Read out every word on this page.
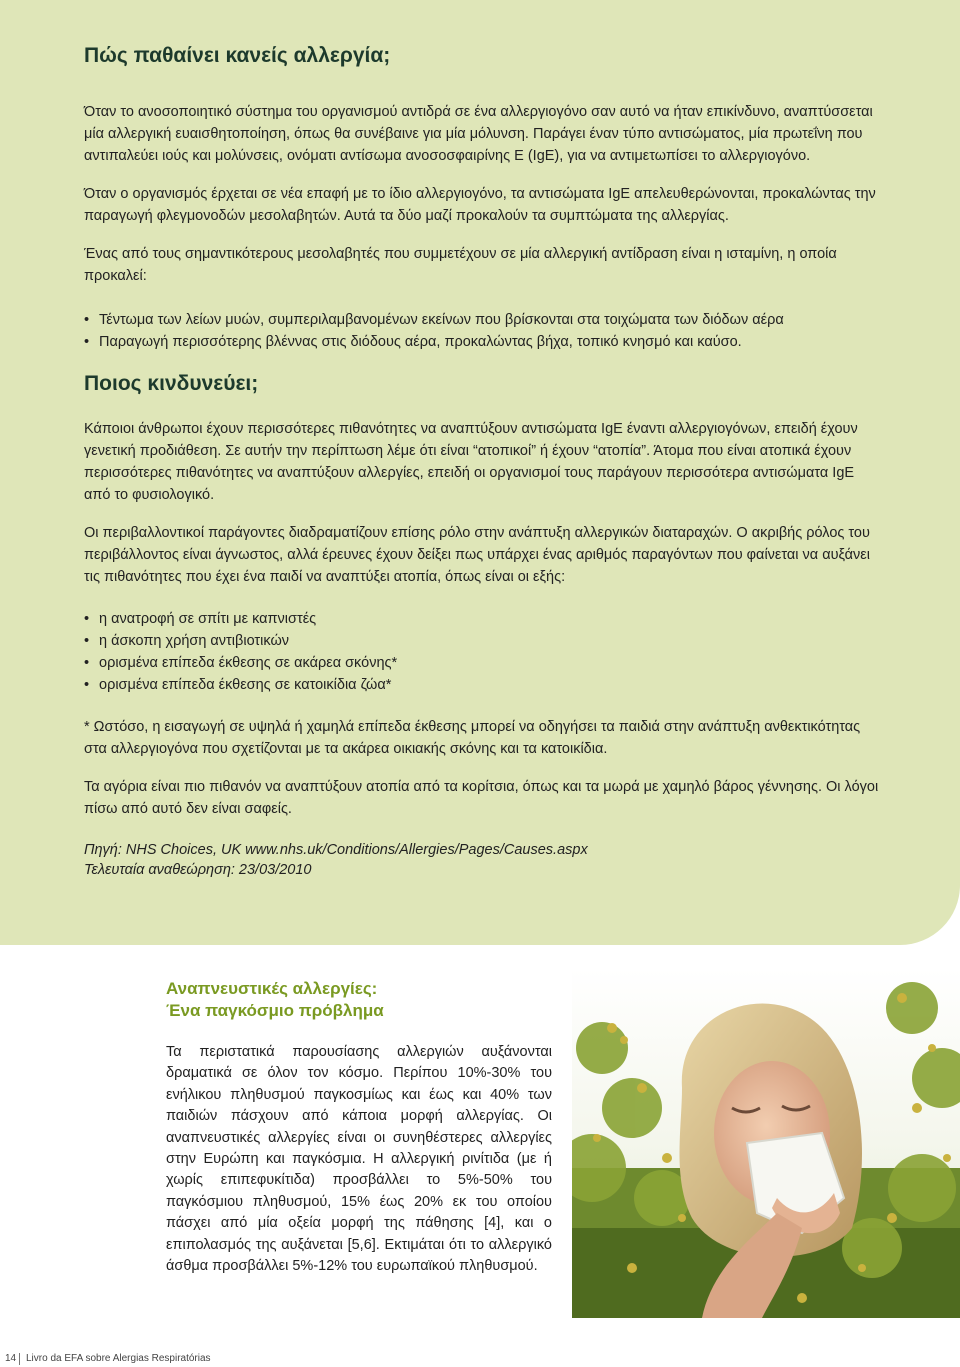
Πώς παθαίνει κανείς αλλεργία;

Όταν το ανοσοποιητικό σύστημα του οργανισμού αντιδρά σε ένα αλλεργιογόνο σαν αυτό να ήταν επικίνδυνο, αναπτύσσεται μία αλλεργική ευαισθητοποίηση, όπως θα συνέβαινε για μία μόλυνση. Παράγει έναν τύπο αντισώματος, μία πρωτεΐνη που αντιπαλεύει ιούς και μολύνσεις, ονόματι αντίσωμα ανοσοσφαιρίνης E (IgE), για να αντιμετωπίσει το αλλεργιογόνο.

Όταν ο οργανισμός έρχεται σε νέα επαφή με το ίδιο αλλεργιογόνο, τα αντισώματα IgE απελευθερώνονται, προκαλώντας την παραγωγή φλεγμονοδών μεσολαβητών. Αυτά τα δύο μαζί προκαλούν τα συμπτώματα της αλλεργίας.

Ένας από τους σημαντικότερους μεσολαβητές που συμμετέχουν σε μία αλλεργική αντίδραση είναι η ισταμίνη, η οποία προκαλεί:

• Τέντωμα των λείων μυών, συμπεριλαμβανομένων εκείνων που βρίσκονται στα τοιχώματα των διόδων αέρα
• Παραγωγή περισσότερης βλέννας στις διόδους αέρα, προκαλώντας βήχα, τοπικό κνησμό και καύσο.
Ποιος κινδυνεύει;

Κάποιοι άνθρωποι έχουν περισσότερες πιθανότητες να αναπτύξουν αντισώματα IgE έναντι αλλεργιογόνων, επειδή έχουν γενετική προδιάθεση. Σε αυτήν την περίπτωση λέμε ότι είναι “ατοπικοί” ή έχουν “ατοπία”. Άτομα που είναι ατοπικά έχουν περισσότερες πιθανότητες να αναπτύξουν αλλεργίες, επειδή οι οργανισμοί τους παράγουν περισσότερα αντισώματα IgE από το φυσιολογικό.

Οι περιβαλλοντικοί παράγοντες διαδραματίζουν επίσης ρόλο στην ανάπτυξη αλλεργικών διαταραχών. Ο ακριβής ρόλος του περιβάλλοντος είναι άγνωστος, αλλά έρευνες έχουν δείξει πως υπάρχει ένας αριθμός παραγόντων που φαίνεται να αυξάνει τις πιθανότητες που έχει ένα παιδί να αναπτύξει ατοπία, όπως είναι οι εξής:

• η ανατροφή σε σπίτι με καπνιστές
• η άσκοπη χρήση αντιβιοτικών
• ορισμένα επίπεδα έκθεσης σε ακάρεα σκόνης*
• ορισμένα επίπεδα έκθεσης σε κατοικίδια ζώα*

* Ωστόσο, η εισαγωγή σε υψηλά ή χαμηλά επίπεδα έκθεσης μπορεί να οδηγήσει τα παιδιά στην ανάπτυξη ανθεκτικότητας στα αλλεργιογόνα που σχετίζονται με τα ακάρεα οικιακής σκόνης και τα κατοικίδια.

Τα αγόρια είναι πιο πιθανόν να αναπτύξουν ατοπία από τα κορίτσια, όπως και τα μωρά με χαμηλό βάρος γέννησης. Οι λόγοι πίσω από αυτό δεν είναι σαφείς.

Πηγή: NHS Choices, UK www.nhs.uk/Conditions/Allergies/Pages/Causes.aspx
Τελευταία αναθεώρηση: 23/03/2010
Αναπνευστικές αλλεργίες:
Ένα παγκόσμιο πρόβλημα
Τα περιστατικά παρουσίασης αλλεργιών αυξάνονται δραματικά σε όλον τον κόσμο. Περίπου 10%-30% του ενήλικου πληθυσμού παγκοσμίως και έως και 40% των παιδιών πάσχουν από κάποια μορφή αλλεργίας. Οι αναπνευστικές αλλεργίες είναι οι συνηθέστερες αλλεργίες στην Ευρώπη και παγκόσμια. Η αλλεργική ρινίτιδα (με ή χωρίς επιπεφυκίτιδα) προσβάλλει το 5%-50% του παγκόσμιου πληθυσμού, 15% έως 20% εκ του οποίου πάσχει από μία οξεία μορφή της πάθησης [4], και ο επιπολασμός της αυξάνεται [5,6]. Εκτιμάται ότι το αλλεργικό άσθμα προσβάλλει 5%-12% του ευρωπαϊκού πληθυσμού.
14 Livro da EFA sobre Alergias Respiratórias
